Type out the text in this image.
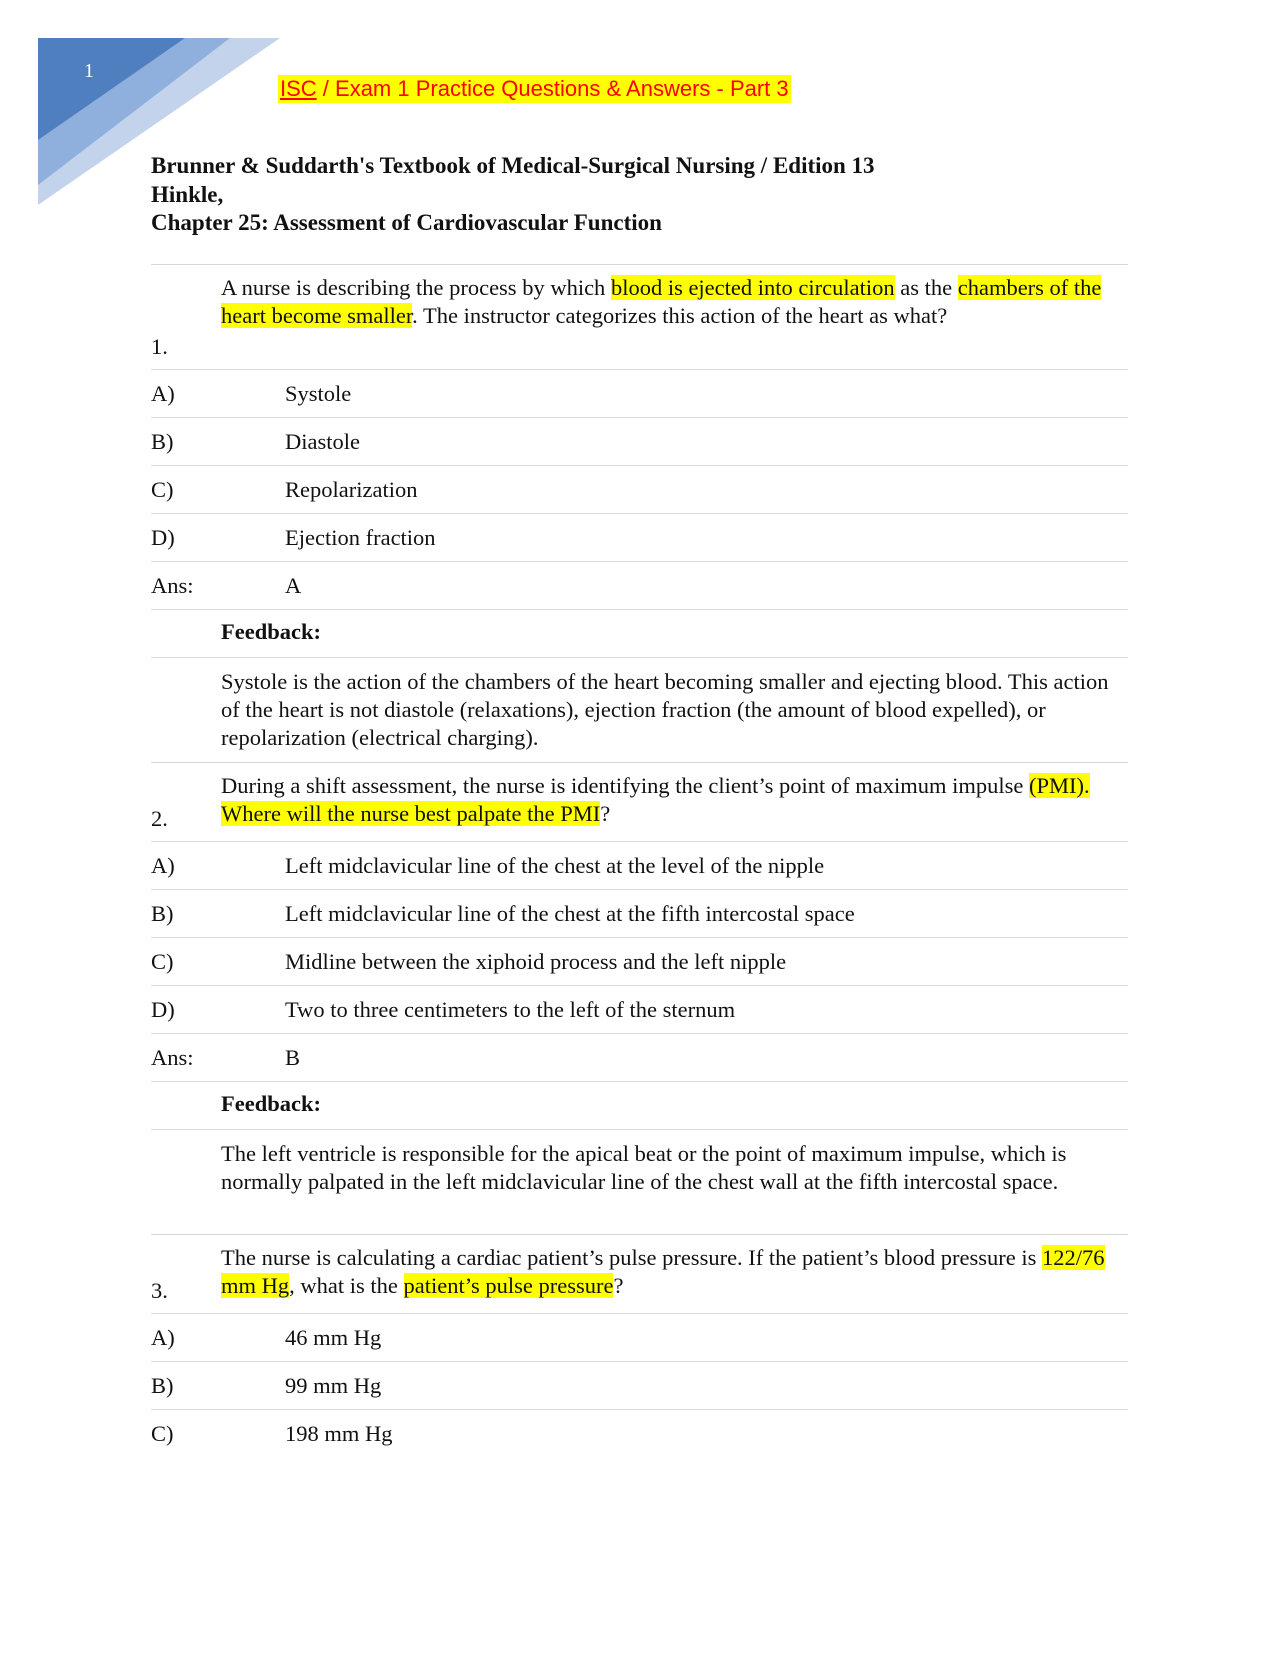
1
ISC / Exam 1 Practice Questions & Answers - Part 3
Brunner & Suddarth's Textbook of Medical-Surgical Nursing / Edition 13
Hinkle,
Chapter 25: Assessment of Cardiovascular Function
1.
A nurse is describing the process by which blood is ejected into circulation as the chambers of the heart become smaller. The instructor categorizes this action of the heart as what?
A)	Systole
B)	Diastole
C)	Repolarization
D)	Ejection fraction
Ans:	A
Feedback:
Systole is the action of the chambers of the heart becoming smaller and ejecting blood. This action of the heart is not diastole (relaxations), ejection fraction (the amount of blood expelled), or repolarization (electrical charging).
2.
During a shift assessment, the nurse is identifying the client’s point of maximum impulse (PMI). Where will the nurse best palpate the PMI?
A)	Left midclavicular line of the chest at the level of the nipple
B)	Left midclavicular line of the chest at the fifth intercostal space
C)	Midline between the xiphoid process and the left nipple
D)	Two to three centimeters to the left of the sternum
Ans:	B
Feedback:
The left ventricle is responsible for the apical beat or the point of maximum impulse, which is normally palpated in the left midclavicular line of the chest wall at the fifth intercostal space.
3.
The nurse is calculating a cardiac patient’s pulse pressure. If the patient’s blood pressure is 122/76 mm Hg, what is the patient’s pulse pressure?
A)	46 mm Hg
B)	99 mm Hg
C)	198 mm Hg
